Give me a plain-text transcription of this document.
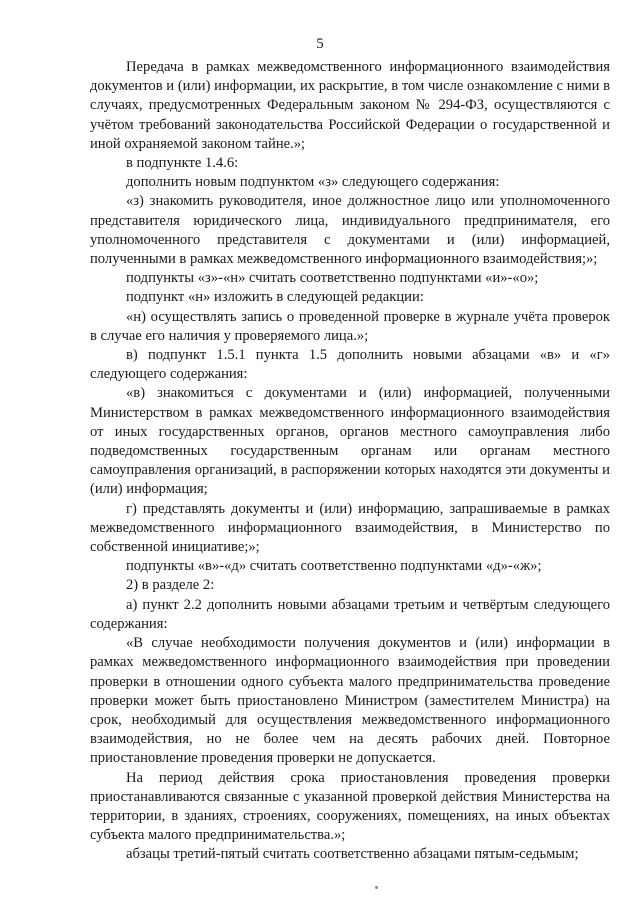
5

Передача в рамках межведомственного информационного взаимодействия документов и (или) информации, их раскрытие, в том числе ознакомление с ними в случаях, предусмотренных Федеральным законом № 294-ФЗ, осуществляются с учётом требований законодательства Российской Федерации о государственной и иной охраняемой законом тайне.»;

в подпункте 1.4.6:

дополнить новым подпунктом «з» следующего содержания:

«з) знакомить руководителя, иное должностное лицо или уполномоченного представителя юридического лица, индивидуального предпринимателя, его уполномоченного представителя с документами и (или) информацией, полученными в рамках межведомственного информационного взаимодействия;»;

подпункты «з»-«н» считать соответственно подпунктами «и»-«о»;

подпункт «н» изложить в следующей редакции:

«н) осуществлять запись о проведенной проверке в журнале учёта проверок в случае его наличия у проверяемого лица.»;

в) подпункт 1.5.1 пункта 1.5 дополнить новыми абзацами «в» и «г» следующего содержания:

«в) знакомиться с документами и (или) информацией, полученными Министерством в рамках межведомственного информационного взаимодействия от иных государственных органов, органов местного самоуправления либо подведомственных государственным органам или органам местного самоуправления организаций, в распоряжении которых находятся эти документы и (или) информация;

г) представлять документы и (или) информацию, запрашиваемые в рамках межведомственного информационного взаимодействия, в Министерство по собственной инициативе;»;

подпункты «в»-«д» считать соответственно подпунктами «д»-«ж»;

2) в разделе 2:

а) пункт 2.2 дополнить новыми абзацами третьим и четвёртым следующего содержания:

«В случае необходимости получения документов и (или) информации в рамках межведомственного информационного взаимодействия при проведении проверки в отношении одного субъекта малого предпринимательства проведение проверки может быть приостановлено Министром (заместителем Министра) на срок, необходимый для осуществления межведомственного информационного взаимодействия, но не более чем на десять рабочих дней. Повторное приостановление проведения проверки не допускается.

На период действия срока приостановления проведения проверки приостанавливаются связанные с указанной проверкой действия Министерства на территории, в зданиях, строениях, сооружениях, помещениях, на иных объектах субъекта малого предпринимательства.»;

абзацы третий-пятый считать соответственно абзацами пятым-седьмым;
